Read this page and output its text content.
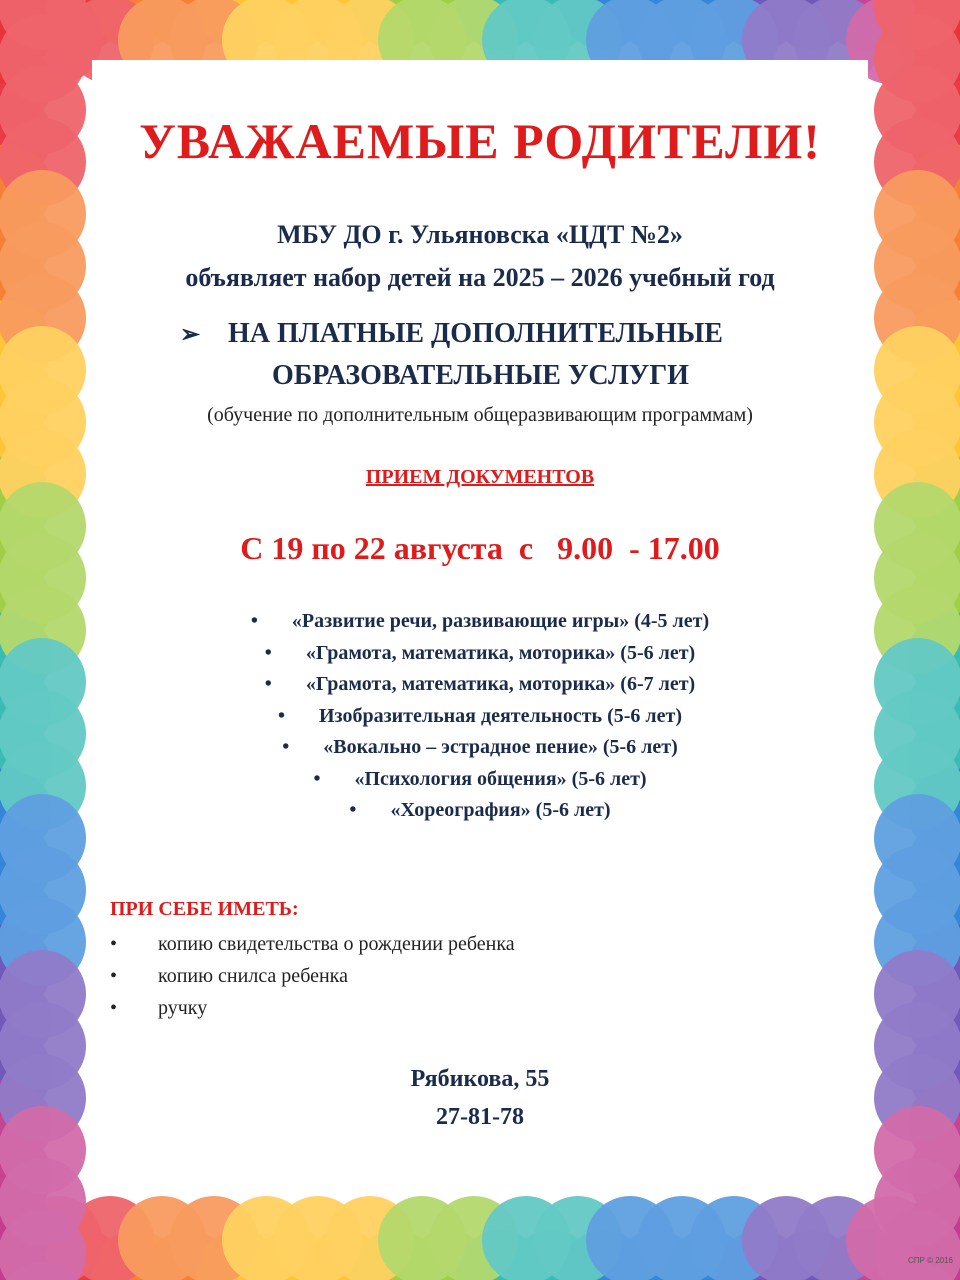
УВАЖАЕМЫЕ РОДИТЕЛИ!
МБУ ДО г. Ульяновска «ЦДТ №2»
объявляет набор детей на 2025 – 2026 учебный год
➢ НА ПЛАТНЫЕ ДОПОЛНИТЕЛЬНЫЕ
ОБРАЗОВАТЕЛЬНЫЕ УСЛУГИ
(обучение по дополнительным общеразвивающим программам)
ПРИЕМ ДОКУМЕНТОВ
С 19 по 22 августа  с   9.00  - 17.00
• «Развитие речи, развивающие игры» (4-5 лет)
• «Грамота, математика, моторика» (5-6 лет)
• «Грамота, математика, моторика» (6-7 лет)
• Изобразительная деятельность (5-6 лет)
• «Вокально – эстрадное пение» (5-6 лет)
• «Психология общения» (5-6 лет)
• «Хореография» (5-6 лет)
ПРИ СЕБЕ ИМЕТЬ:
• копию свидетельства о рождении ребенка
• копию снилса ребенка
• ручку
Рябикова, 55
27-81-78
СПР © 2016
